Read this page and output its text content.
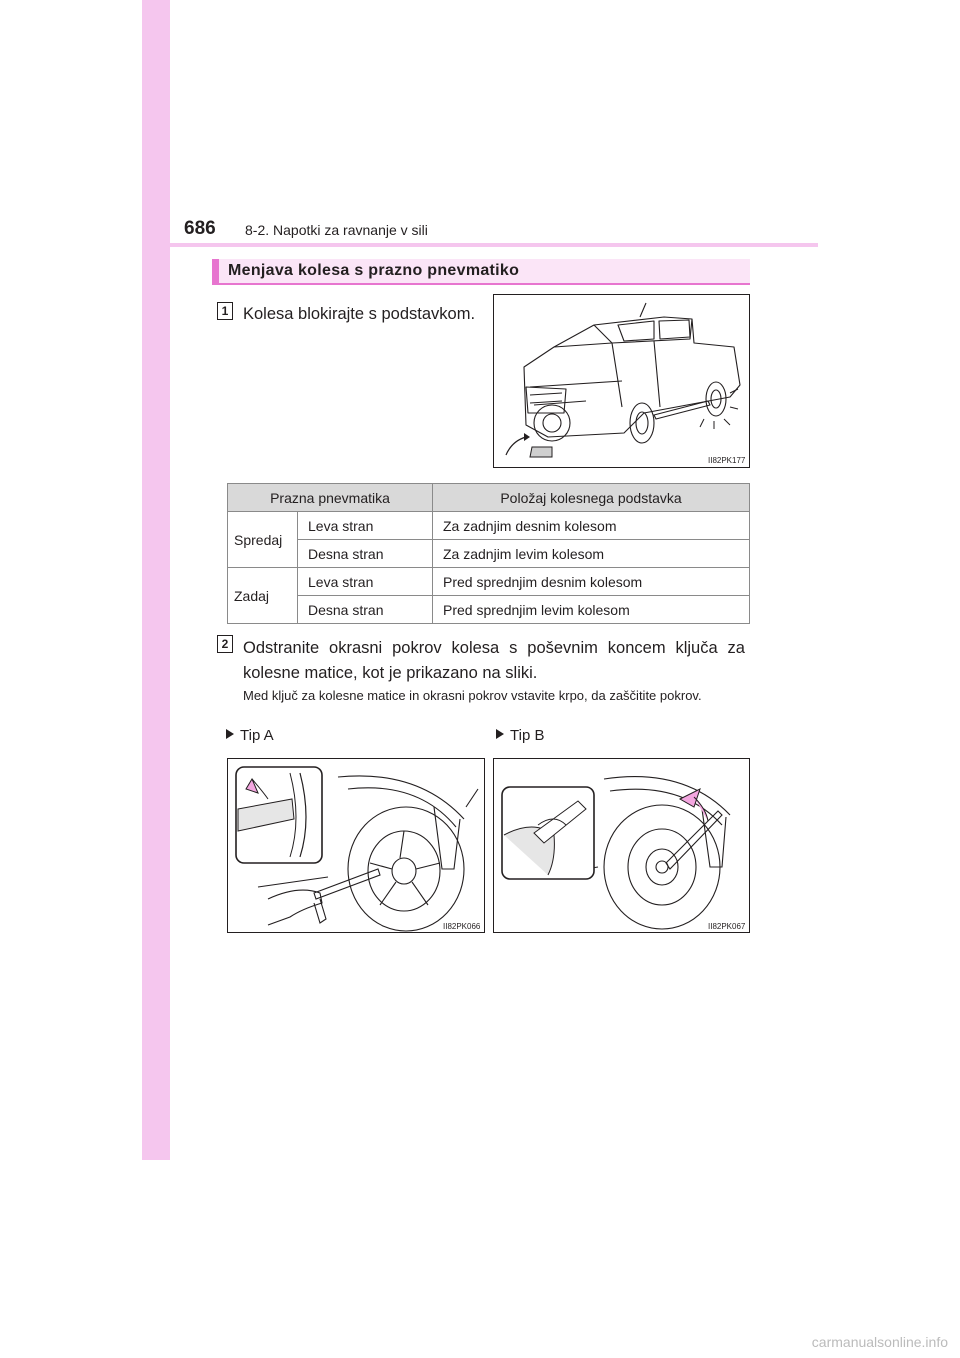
686 8-2. Napotki za ravnanje v sili
Menjava kolesa s prazno pnevmatiko
1 Kolesa blokirajte s podstavkom.
II82PK177
Prazna pnevmatika		Položaj kolesnega podstavka
Spredaj	Leva stran	Za zadnjim desnim kolesom
	Desna stran	Za zadnjim levim kolesom
Zadaj	Leva stran	Pred sprednjim desnim kolesom
	Desna stran	Pred sprednjim levim kolesom
2 Odstranite okrasni pokrov kolesa s poševnim koncem ključa za kolesne matice, kot je prikazano na sliki.
Med ključ za kolesne matice in okrasni pokrov vstavite krpo, da zaščitite pokrov.
Tip A	Tip B
II82PK066	II82PK067
carmanualsonline.info
